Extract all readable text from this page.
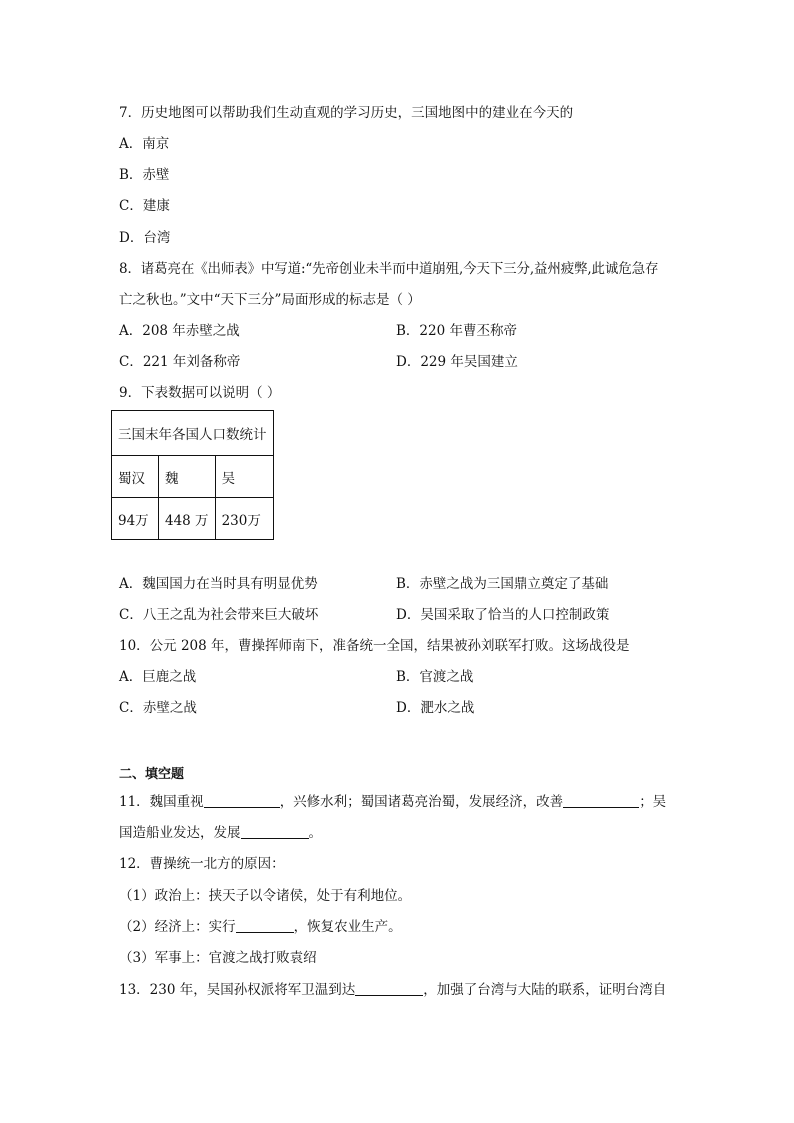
7．历史地图可以帮助我们生动直观的学习历史，三国地图中的建业在今天的
A．南京
B．赤壁
C．建康
D．台湾
8．诸葛亮在《出师表》中写道:“先帝创业未半而中道崩殂,今天下三分,益州疲弊,此诚危急存
亡之秋也。”文中“天下三分”局面形成的标志是（ ）
A．208 年赤壁之战	B．220 年曹丕称帝
C．221 年刘备称帝	D．229 年吴国建立
9．下表数据可以说明（ ）
三国末年各国人口数统计		
蜀汉	魏	吴
94万	448 万	230万
A．魏国国力在当时具有明显优势	B．赤壁之战为三国鼎立奠定了基础
C．八王之乱为社会带来巨大破坏	D．吴国采取了恰当的人口控制政策
10．公元 208 年，曹操挥师南下，准备统一全国，结果被孙刘联军打败。这场战役是
A．巨鹿之战	B．官渡之战
C．赤壁之战	D．淝水之战
二、填空题
11．魏国重视	，兴修水利；蜀国诸葛亮治蜀，发展经济，改善	；吴
国造船业发达，发展	。
12．曹操统一北方的原因：
（1）政治上：挟天子以令诸侯，处于有利地位。
（2）经济上：实行	，恢复农业生产。
（3）军事上：官渡之战打败袁绍
13．230 年，吴国孙权派将军卫温到达	，加强了台湾与大陆的联系，证明台湾自
